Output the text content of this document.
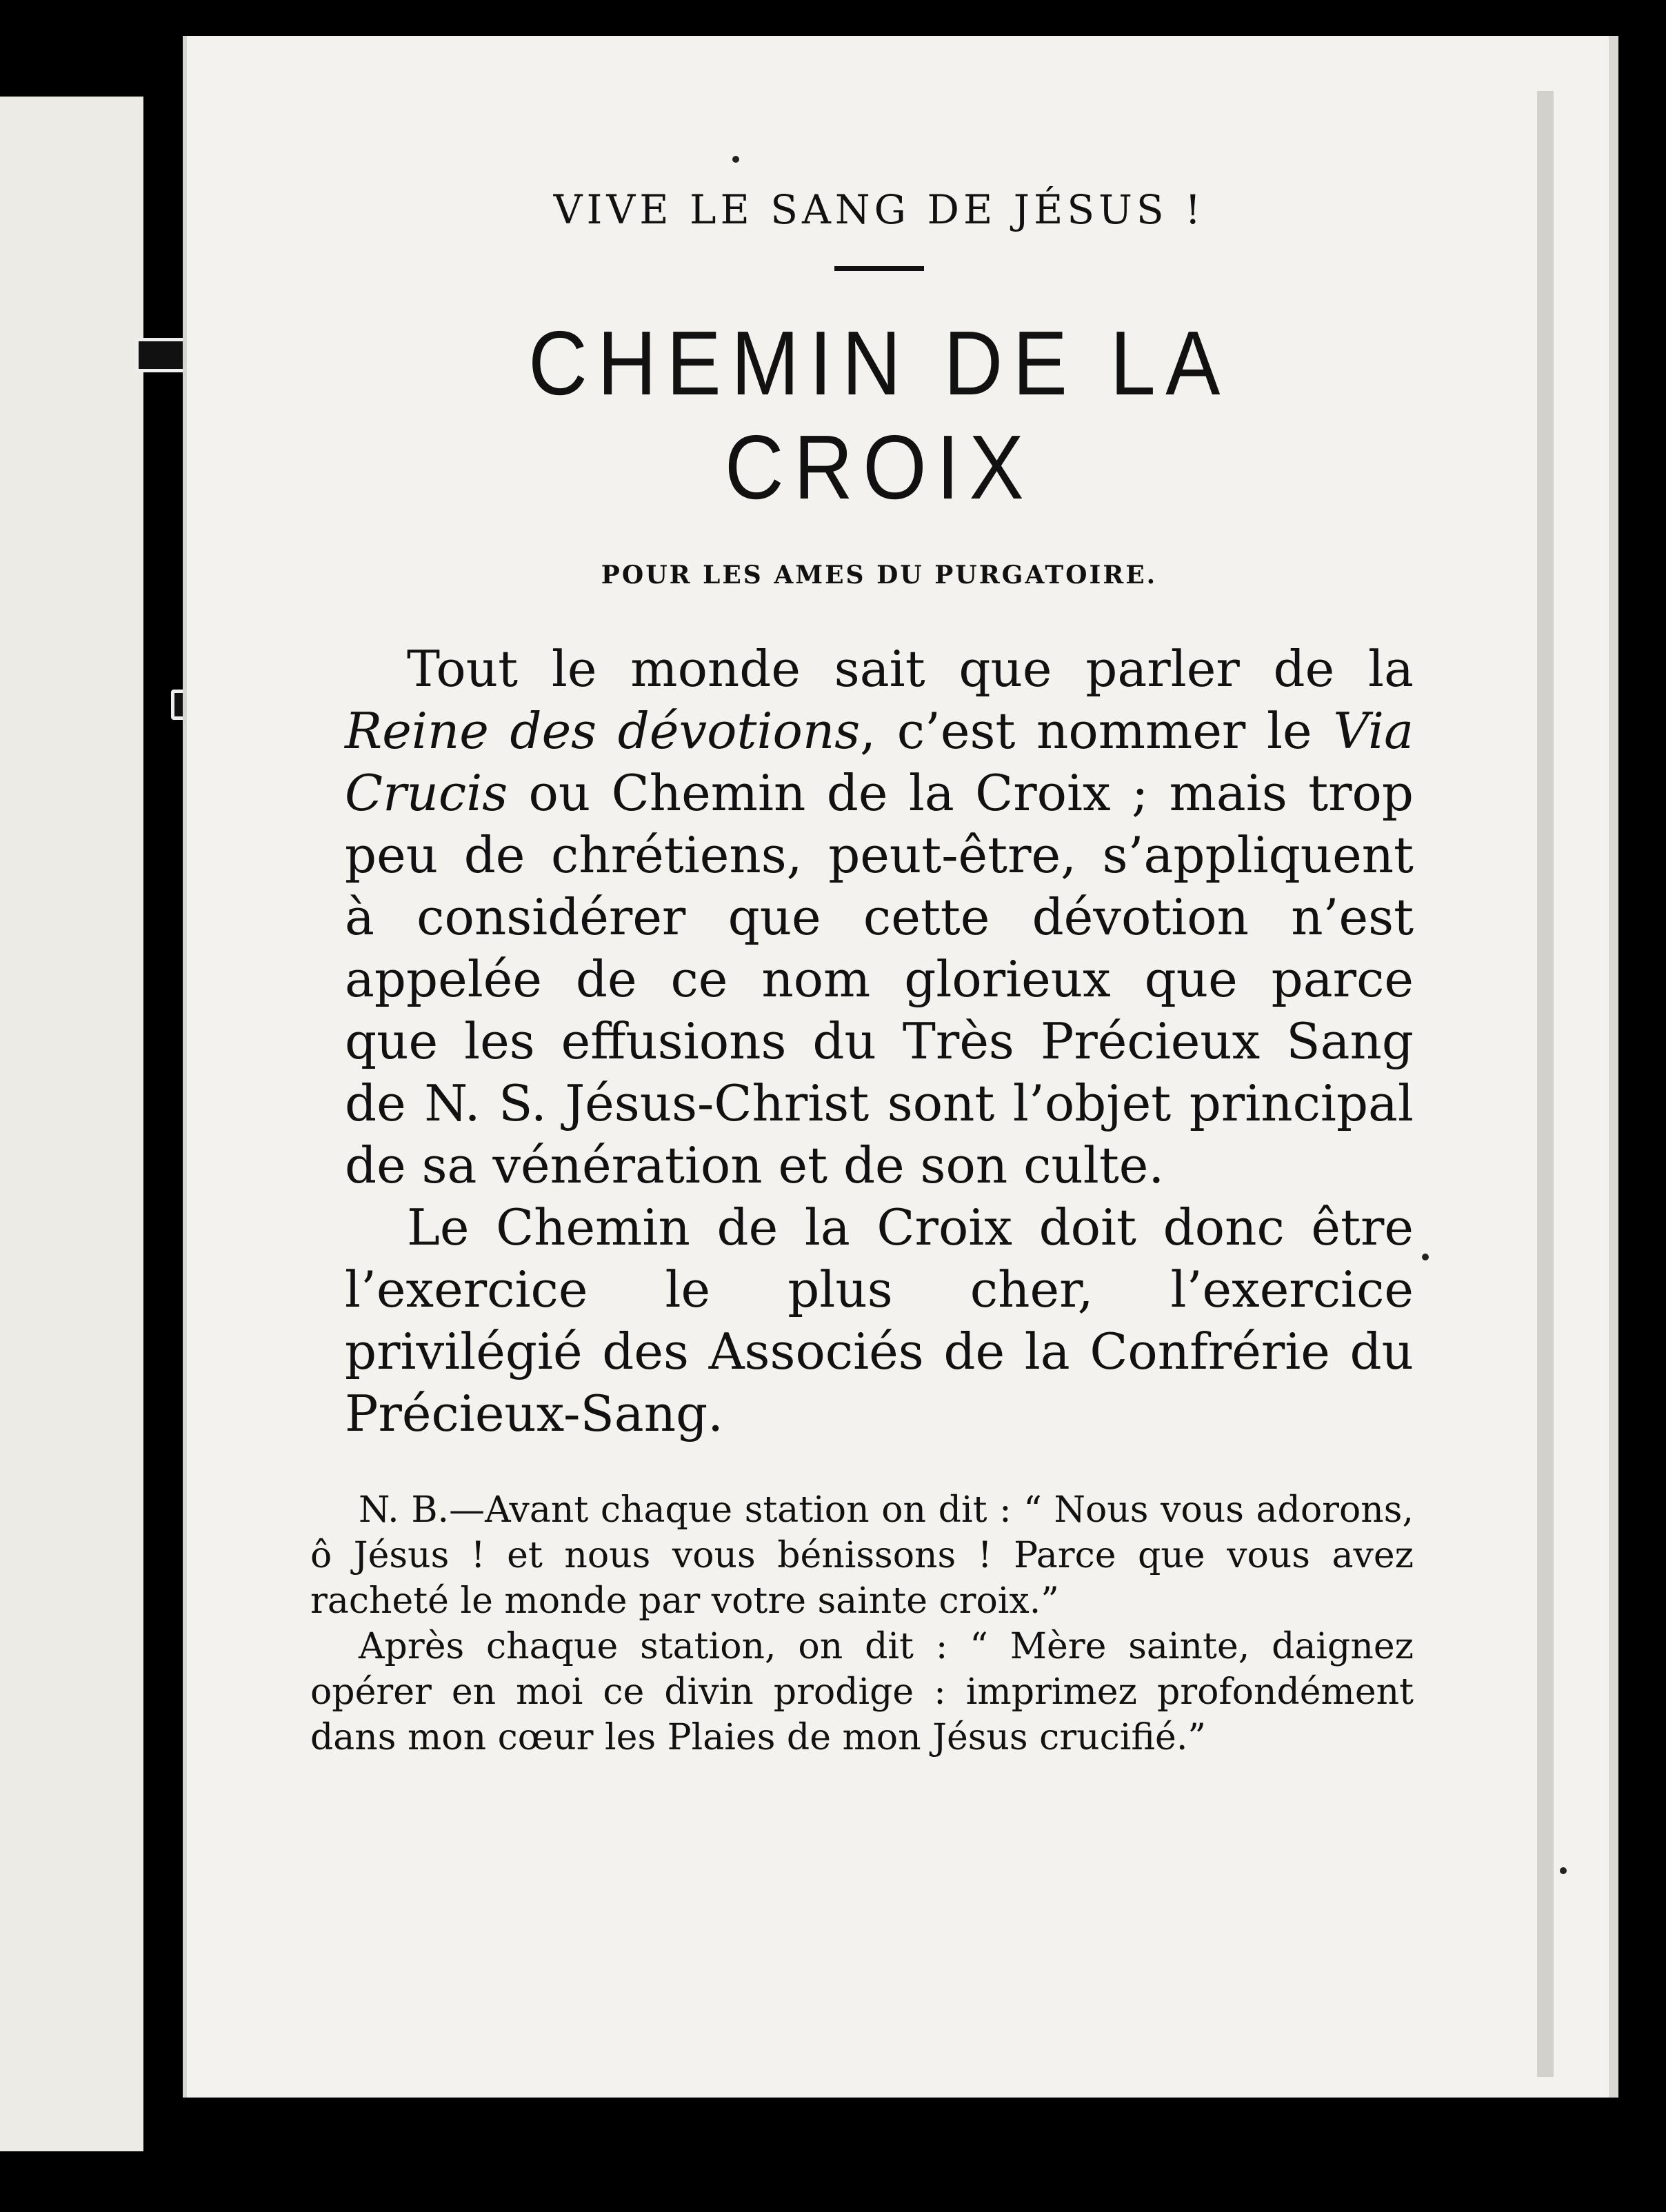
VIVE LE SANG DE JÉSUS !
CHEMIN DE LA CROIX
POUR LES AMES DU PURGATOIRE.

Tout le monde sait que parler de la Reine des dévotions, c’est nommer le Via Crucis ou Chemin de la Croix ; mais trop peu de chrétiens, peut-être, s’appliquent à considérer que cette dévotion n’est appelée de ce nom glorieux que parce que les effusions du Très Précieux Sang de N. S. Jésus-Christ sont l’objet principal de sa vénération et de son culte.

Le Chemin de la Croix doit donc être l’exercice le plus cher, l’exercice privilégié des Associés de la Confrérie du Précieux-Sang.

N. B.—Avant chaque station on dit : “ Nous vous adorons, ô Jésus ! et nous vous bénissons ! Parce que vous avez racheté le monde par votre sainte croix.”

Après chaque station, on dit : “ Mère sainte, daignez opérer en moi ce divin prodige : imprimez profondément dans mon cœur les Plaies de mon Jésus crucifié.”
